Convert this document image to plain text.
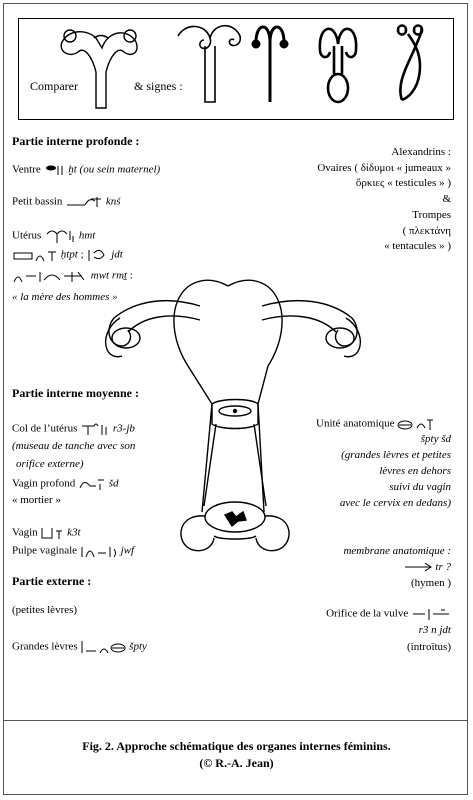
Comparer	& signes :
Partie interne profonde :
Ventre	ḫt (ou sein maternel)
Petit bassin	knś
Utérus	hmt
ḥtpt ;  jdt
mwt rmṯ :
« la mère des hommes »
Partie interne moyenne :
Col de l’utérus	r3-jb
(museau de tanche avec son
orifice externe)
Vagin profond	šd
« mortier »
Vagin	k3t
Pulpe vaginale	jwf
Partie externe :
(petites lèvres)
Grandes lèvres	špty
Alexandrins :
Ovaires ( δίδυμοι « jumeaux »
ὄρκιες « testicules » )
&
Trompes
( πλεκτάνη
« tentacules » )
Unité anatomique
špty šd
(grandes lèvres et petites
lèvres en dehors
suivi du vagin
avec le cervix en dedans)
membrane anatomique :
tr ?
(hymen )
Orifice de la vulve
r3 n jdt
(introïtus)
Fig. 2. Approche schématique des organes internes féminins.
(© R.-A. Jean)
